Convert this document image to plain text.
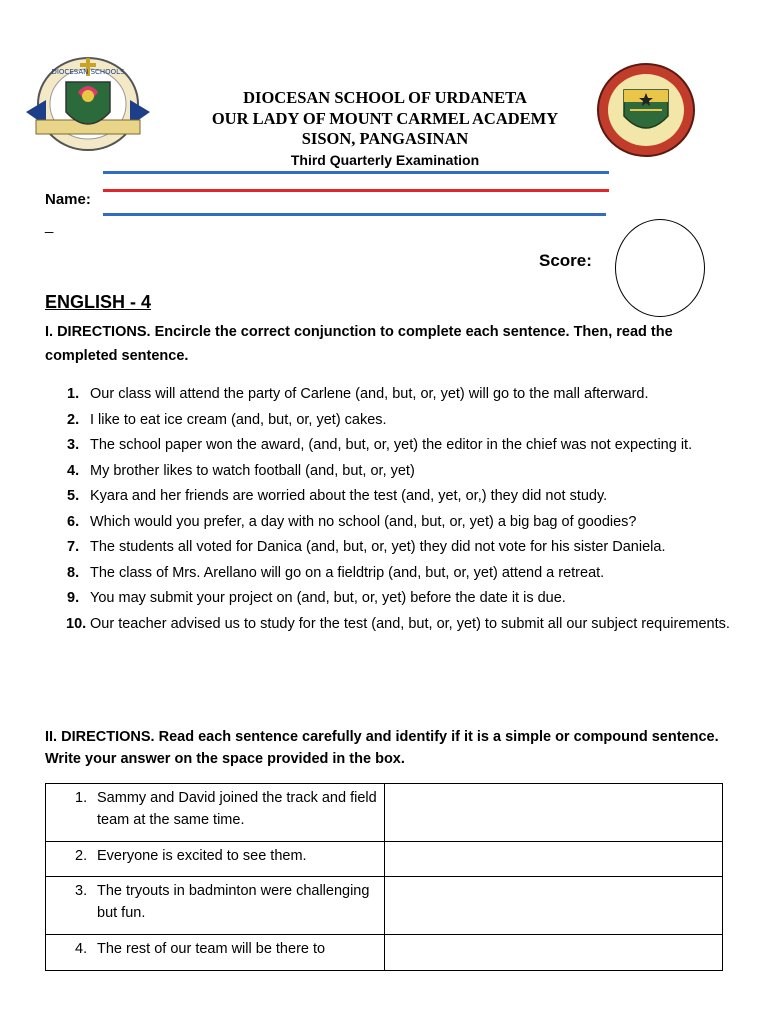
DIOCESAN SCHOOLS
DIOCESAN SCHOOL OF URDANETA
OUR LADY OF MOUNT CARMEL ACADEMY
SISON, PANGASINAN
Third Quarterly Examination
Name:
_
Score:
ENGLISH - 4
I. DIRECTIONS. Encircle the correct conjunction to complete each sentence. Then, read the completed sentence.
1. Our class will attend the party of Carlene (and, but, or, yet) will go to the mall afterward.
2. I like to eat ice cream (and, but, or, yet) cakes.
3. The school paper won the award, (and, but, or, yet) the editor in the chief was not expecting it.
4. My brother likes to watch football (and, but, or, yet)
5. Kyara and her friends are worried about the test (and, yet, or,) they did not study.
6. Which would you prefer, a day with no school (and, but, or, yet) a big bag of goodies?
7. The students all voted for Danica (and, but, or, yet) they did not vote for his sister Daniela.
8. The class of Mrs. Arellano will go on a fieldtrip (and, but, or, yet) attend a retreat.
9. You may submit your project on (and, but, or, yet) before the date it is due.
10. Our teacher advised us to study for the test (and, but, or, yet) to submit all our subject requirements.
II. DIRECTIONS. Read each sentence carefully and identify if it is a simple or compound sentence. Write your answer on the space provided in the box.
1. Sammy and David joined the track and field team at the same time.	

2. Everyone is excited to see them.	

3. The tryouts in badminton were challenging but fun.	

4. The rest of our team will be there to	
